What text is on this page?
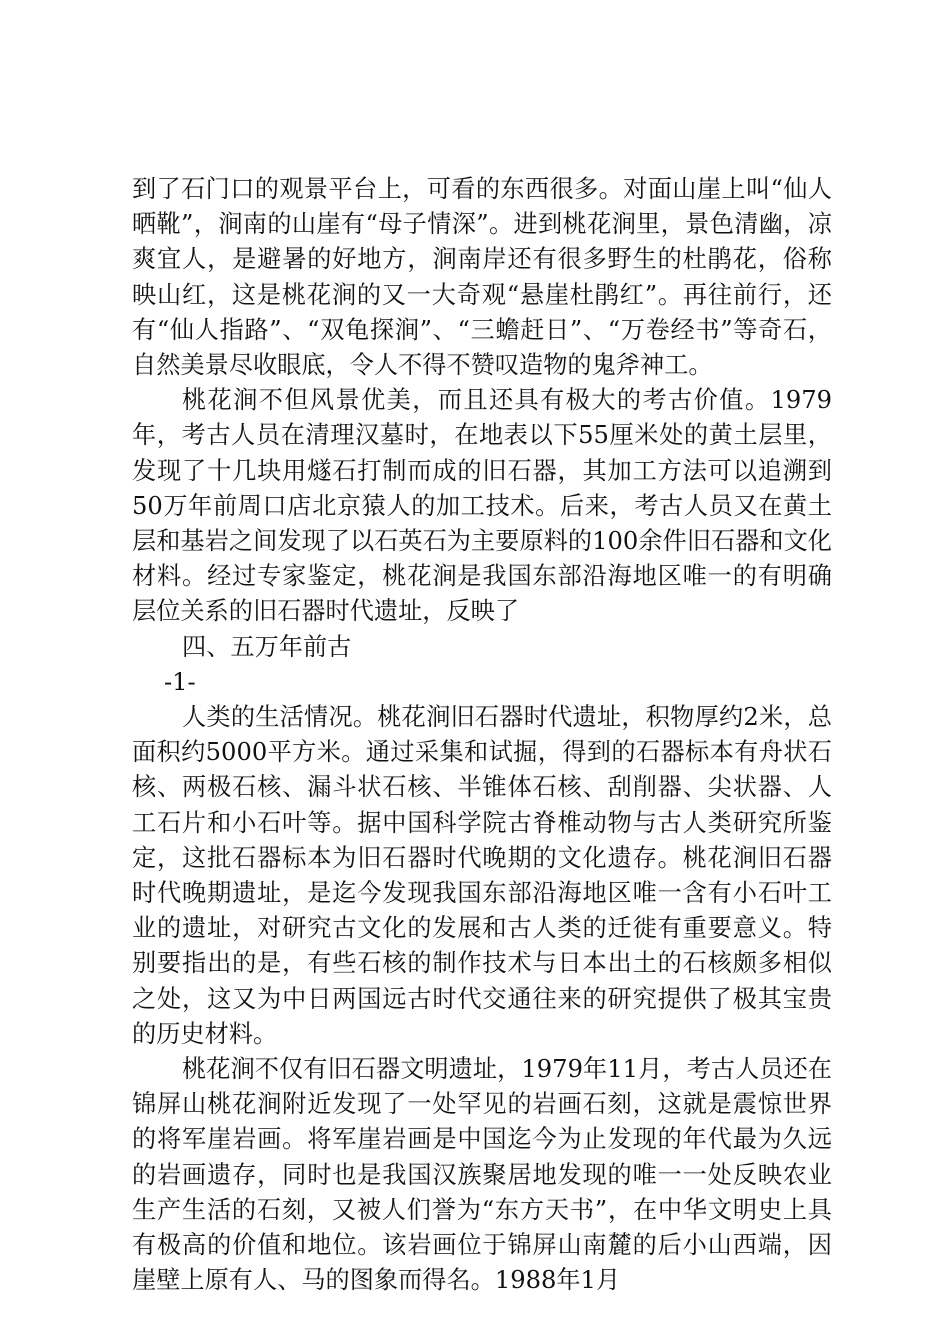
到了石门口的观景平台上，可看的东西很多。对面山崖上叫“仙人晒靴”，涧南的山崖有“母子情深”。进到桃花涧里，景色清幽，凉爽宜人，是避暑的好地方，涧南岸还有很多野生的杜鹃花，俗称映山红，这是桃花涧的又一大奇观“悬崖杜鹃红”。再往前行，还有“仙人指路”、“双龟探涧”、“三蟾赶日”、“万卷经书”等奇石，自然美景尽收眼底，令人不得不赞叹造物的鬼斧神工。

桃花涧不但风景优美，而且还具有极大的考古价值。1979年，考古人员在清理汉墓时，在地表以下55厘米处的黄土层里，发现了十几块用燧石打制而成的旧石器，其加工方法可以追溯到50万年前周口店北京猿人的加工技术。后来，考古人员又在黄土层和基岩之间发现了以石英石为主要原料的100余件旧石器和文化材料。经过专家鉴定，桃花涧是我国东部沿海地区唯一的有明确层位关系的旧石器时代遗址，反映了

四、五万年前古

-1-

人类的生活情况。桃花涧旧石器时代遗址，积物厚约2米，总面积约5000平方米。通过采集和试掘，得到的石器标本有舟状石核、两极石核、漏斗状石核、半锥体石核、刮削器、尖状器、人工石片和小石叶等。据中国科学院古脊椎动物与古人类研究所鉴定，这批石器标本为旧石器时代晚期的文化遗存。桃花涧旧石器时代晚期遗址，是迄今发现我国东部沿海地区唯一含有小石叶工业的遗址，对研究古文化的发展和古人类的迁徙有重要意义。特别要指出的是，有些石核的制作技术与日本出土的石核颇多相似之处，这又为中日两国远古时代交通往来的研究提供了极其宝贵的历史材料。

桃花涧不仅有旧石器文明遗址，1979年11月，考古人员还在锦屏山桃花涧附近发现了一处罕见的岩画石刻，这就是震惊世界的将军崖岩画。将军崖岩画是中国迄今为止发现的年代最为久远的岩画遗存，同时也是我国汉族聚居地发现的唯一一处反映农业生产生活的石刻，又被人们誉为“东方天书”，在中华文明史上具有极高的价值和地位。该岩画位于锦屏山南麓的后小山西端，因崖壁上原有人、马的图象而得名。1988年1月
